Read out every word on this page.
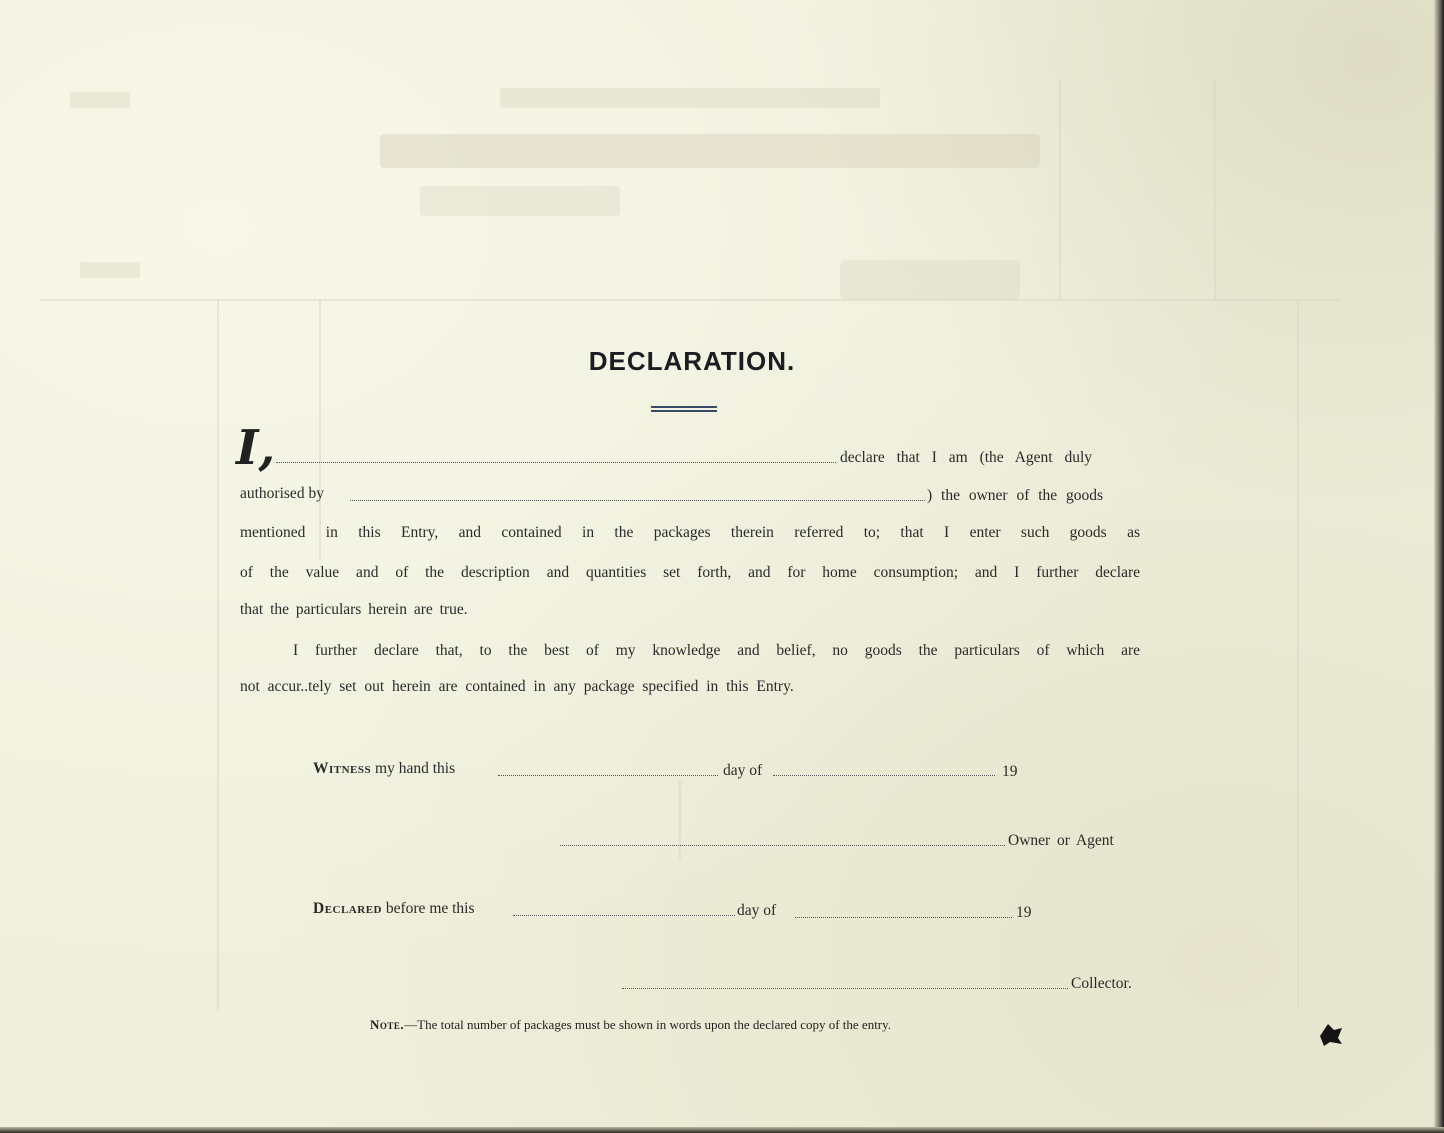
DECLARATION.
I,	declare that I am (the Agent duly
authorised by	) the owner of the goods
mentioned in this Entry, and contained in the packages therein referred to; that I enter such goods as
of the value and of the description and quantities set forth, and for home consumption; and I further declare
that the particulars herein are true.
I further declare that, to the best of my knowledge and belief, no goods the particulars of which are
not accur..tely set out herein are contained in any package specified in this Entry.
Witness my hand this	day of	19
Owner or Agent
Declared before me this	day of	19
Collector.
Note.—The total number of packages must be shown in words upon the declared copy of the entry.
